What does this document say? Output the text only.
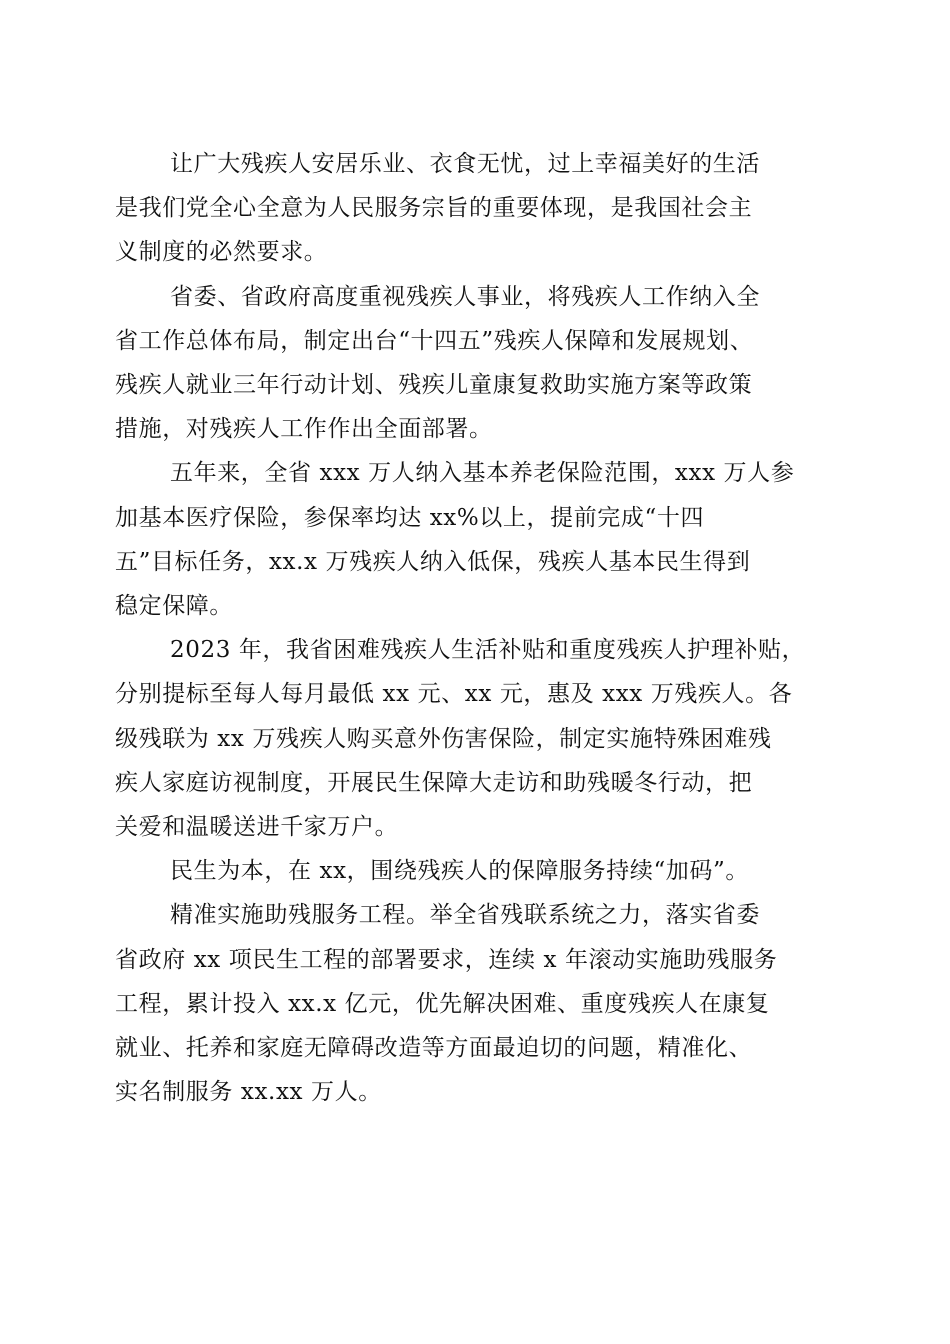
让广大残疾人安居乐业、衣食无忧，过上幸福美好的生活
是我们党全心全意为人民服务宗旨的重要体现，是我国社会主
义制度的必然要求。

省委、省政府高度重视残疾人事业，将残疾人工作纳入全
省工作总体布局，制定出台“十四五”残疾人保障和发展规划、
残疾人就业三年行动计划、残疾儿童康复救助实施方案等政策
措施，对残疾人工作作出全面部署。

五年来，全省 xxx 万人纳入基本养老保险范围，xxx 万人参
加基本医疗保险，参保率均达 xx%以上，提前完成“十四
五”目标任务，xx.x 万残疾人纳入低保，残疾人基本民生得到
稳定保障。

2023 年，我省困难残疾人生活补贴和重度残疾人护理补贴，
分别提标至每人每月最低 xx 元、xx 元，惠及 xxx 万残疾人。各
级残联为 xx 万残疾人购买意外伤害保险，制定实施特殊困难残
疾人家庭访视制度，开展民生保障大走访和助残暖冬行动，把
关爱和温暖送进千家万户。

民生为本，在 xx，围绕残疾人的保障服务持续“加码”。

精准实施助残服务工程。举全省残联系统之力，落实省委
省政府 xx 项民生工程的部署要求，连续 x 年滚动实施助残服务
工程，累计投入 xx.x 亿元，优先解决困难、重度残疾人在康复
就业、托养和家庭无障碍改造等方面最迫切的问题，精准化、
实名制服务 xx.xx 万人。
